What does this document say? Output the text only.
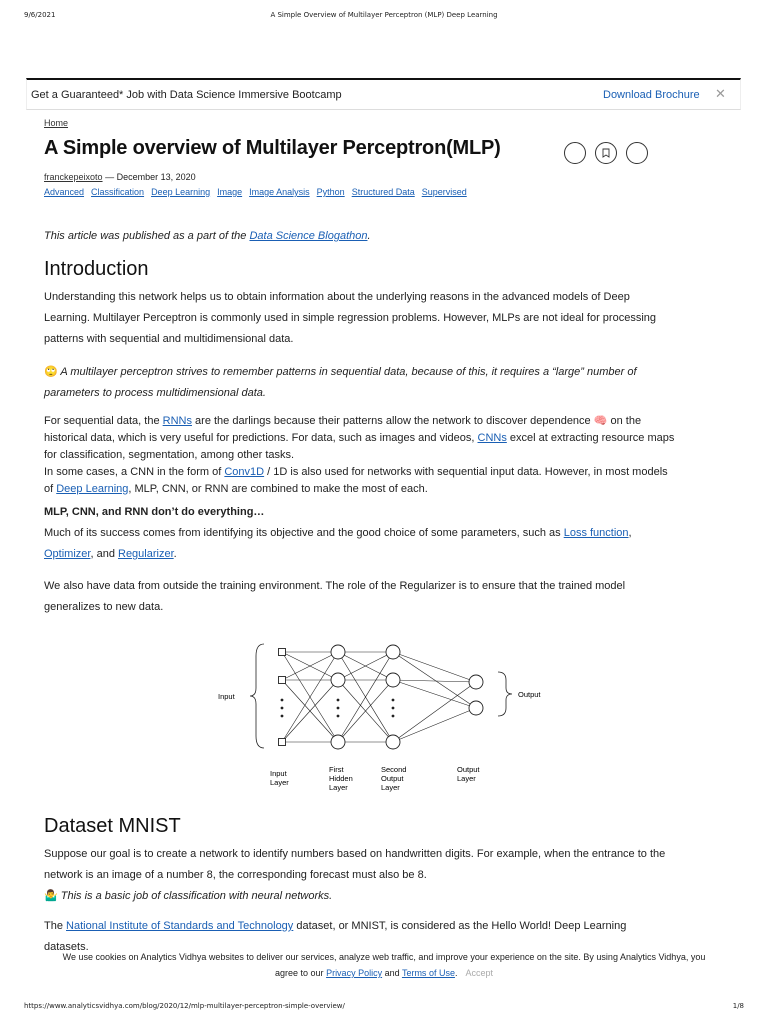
9/6/2021	A Simple Overview of Multilayer Perceptron (MLP) Deep Learning
Get a Guaranteed* Job with Data Science Immersive Bootcamp	Download Brochure ✕
Home
A Simple overview of Multilayer Perceptron(MLP)
franckepeixoto — December 13, 2020
Advanced Classification Deep Learning Image Image Analysis Python Structured Data Supervised
This article was published as a part of the Data Science Blogathon.
Introduction

Understanding this network helps us to obtain information about the underlying reasons in the advanced models of Deep

Learning. Multilayer Perceptron is commonly used in simple regression problems. However, MLPs are not ideal for processing

patterns with sequential and multidimensional data.

🙄 A multilayer perceptron strives to remember patterns in sequential data, because of this, it requires a “large” number of

parameters to process multidimensional data.

For sequential data, the RNNs are the darlings because their patterns allow the network to discover dependence 🧠 on the

historical data, which is very useful for predictions. For data, such as images and videos, CNNs excel at extracting resource maps

for classification, segmentation, among other tasks.

In some cases, a CNN in the form of Conv1D / 1D is also used for networks with sequential input data. However, in most models

of Deep Learning, MLP, CNN, or RNN are combined to make the most of each.

MLP, CNN, and RNN don’t do everything…

Much of its success comes from identifying its objective and the good choice of some parameters, such as Loss function,

Optimizer, and Regularizer.

We also have data from outside the training environment. The role of the Regularizer is to ensure that the trained model

generalizes to new data.

Input	Output
Input
Layer
First
Hidden
Layer
Second
Output
Layer
Output
Layer
Dataset MNIST

Suppose our goal is to create a network to identify numbers based on handwritten digits. For example, when the entrance to the

network is an image of a number 8, the corresponding forecast must also be 8.

🤷‍♂️ This is a basic job of classification with neural networks.

The National Institute of Standards and Technology dataset, or MNIST, is considered as the Hello World! Deep Learning

datasets.

We use cookies on Analytics Vidhya websites to deliver our services, analyze web traffic, and improve your experience on the site. By using Analytics Vidhya, you
agree to our Privacy Policy and Terms of Use. Accept
https://www.analyticsvidhya.com/blog/2020/12/mlp-multilayer-perceptron-simple-overview/	1/8
